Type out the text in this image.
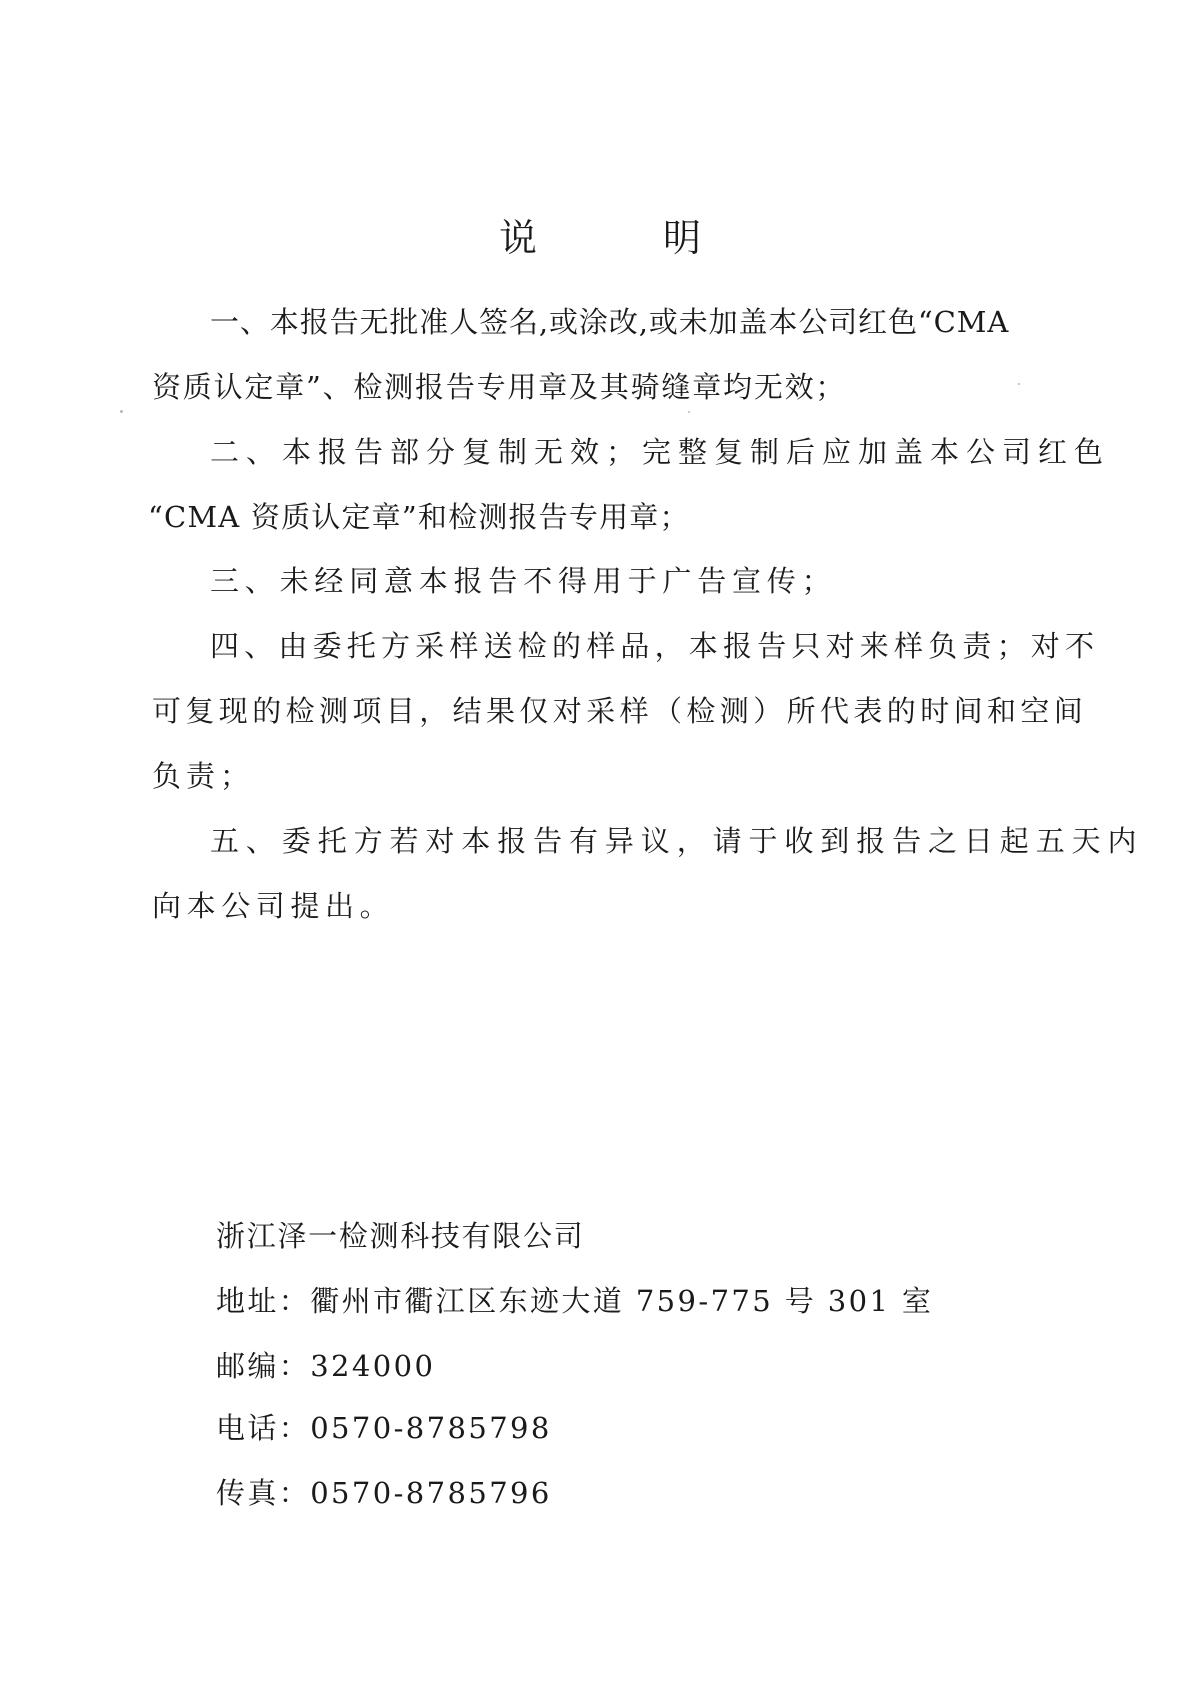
说　明
一、本报告无批准人签名,或涂改,或未加盖本公司红色“CMA
资质认定章”、检测报告专用章及其骑缝章均无效；
二、本报告部分复制无效；完整复制后应加盖本公司红色
“CMA 资质认定章”和检测报告专用章；
三、未经同意本报告不得用于广告宣传；
四、由委托方采样送检的样品，本报告只对来样负责；对不
可复现的检测项目，结果仅对采样（检测）所代表的时间和空间
负责；
五、委托方若对本报告有异议，请于收到报告之日起五天内
向本公司提出。
浙江泽一检测科技有限公司
地址：衢州市衢江区东迹大道 759-775 号 301 室
邮编：324000
电话：0570-8785798
传真：0570-8785796
